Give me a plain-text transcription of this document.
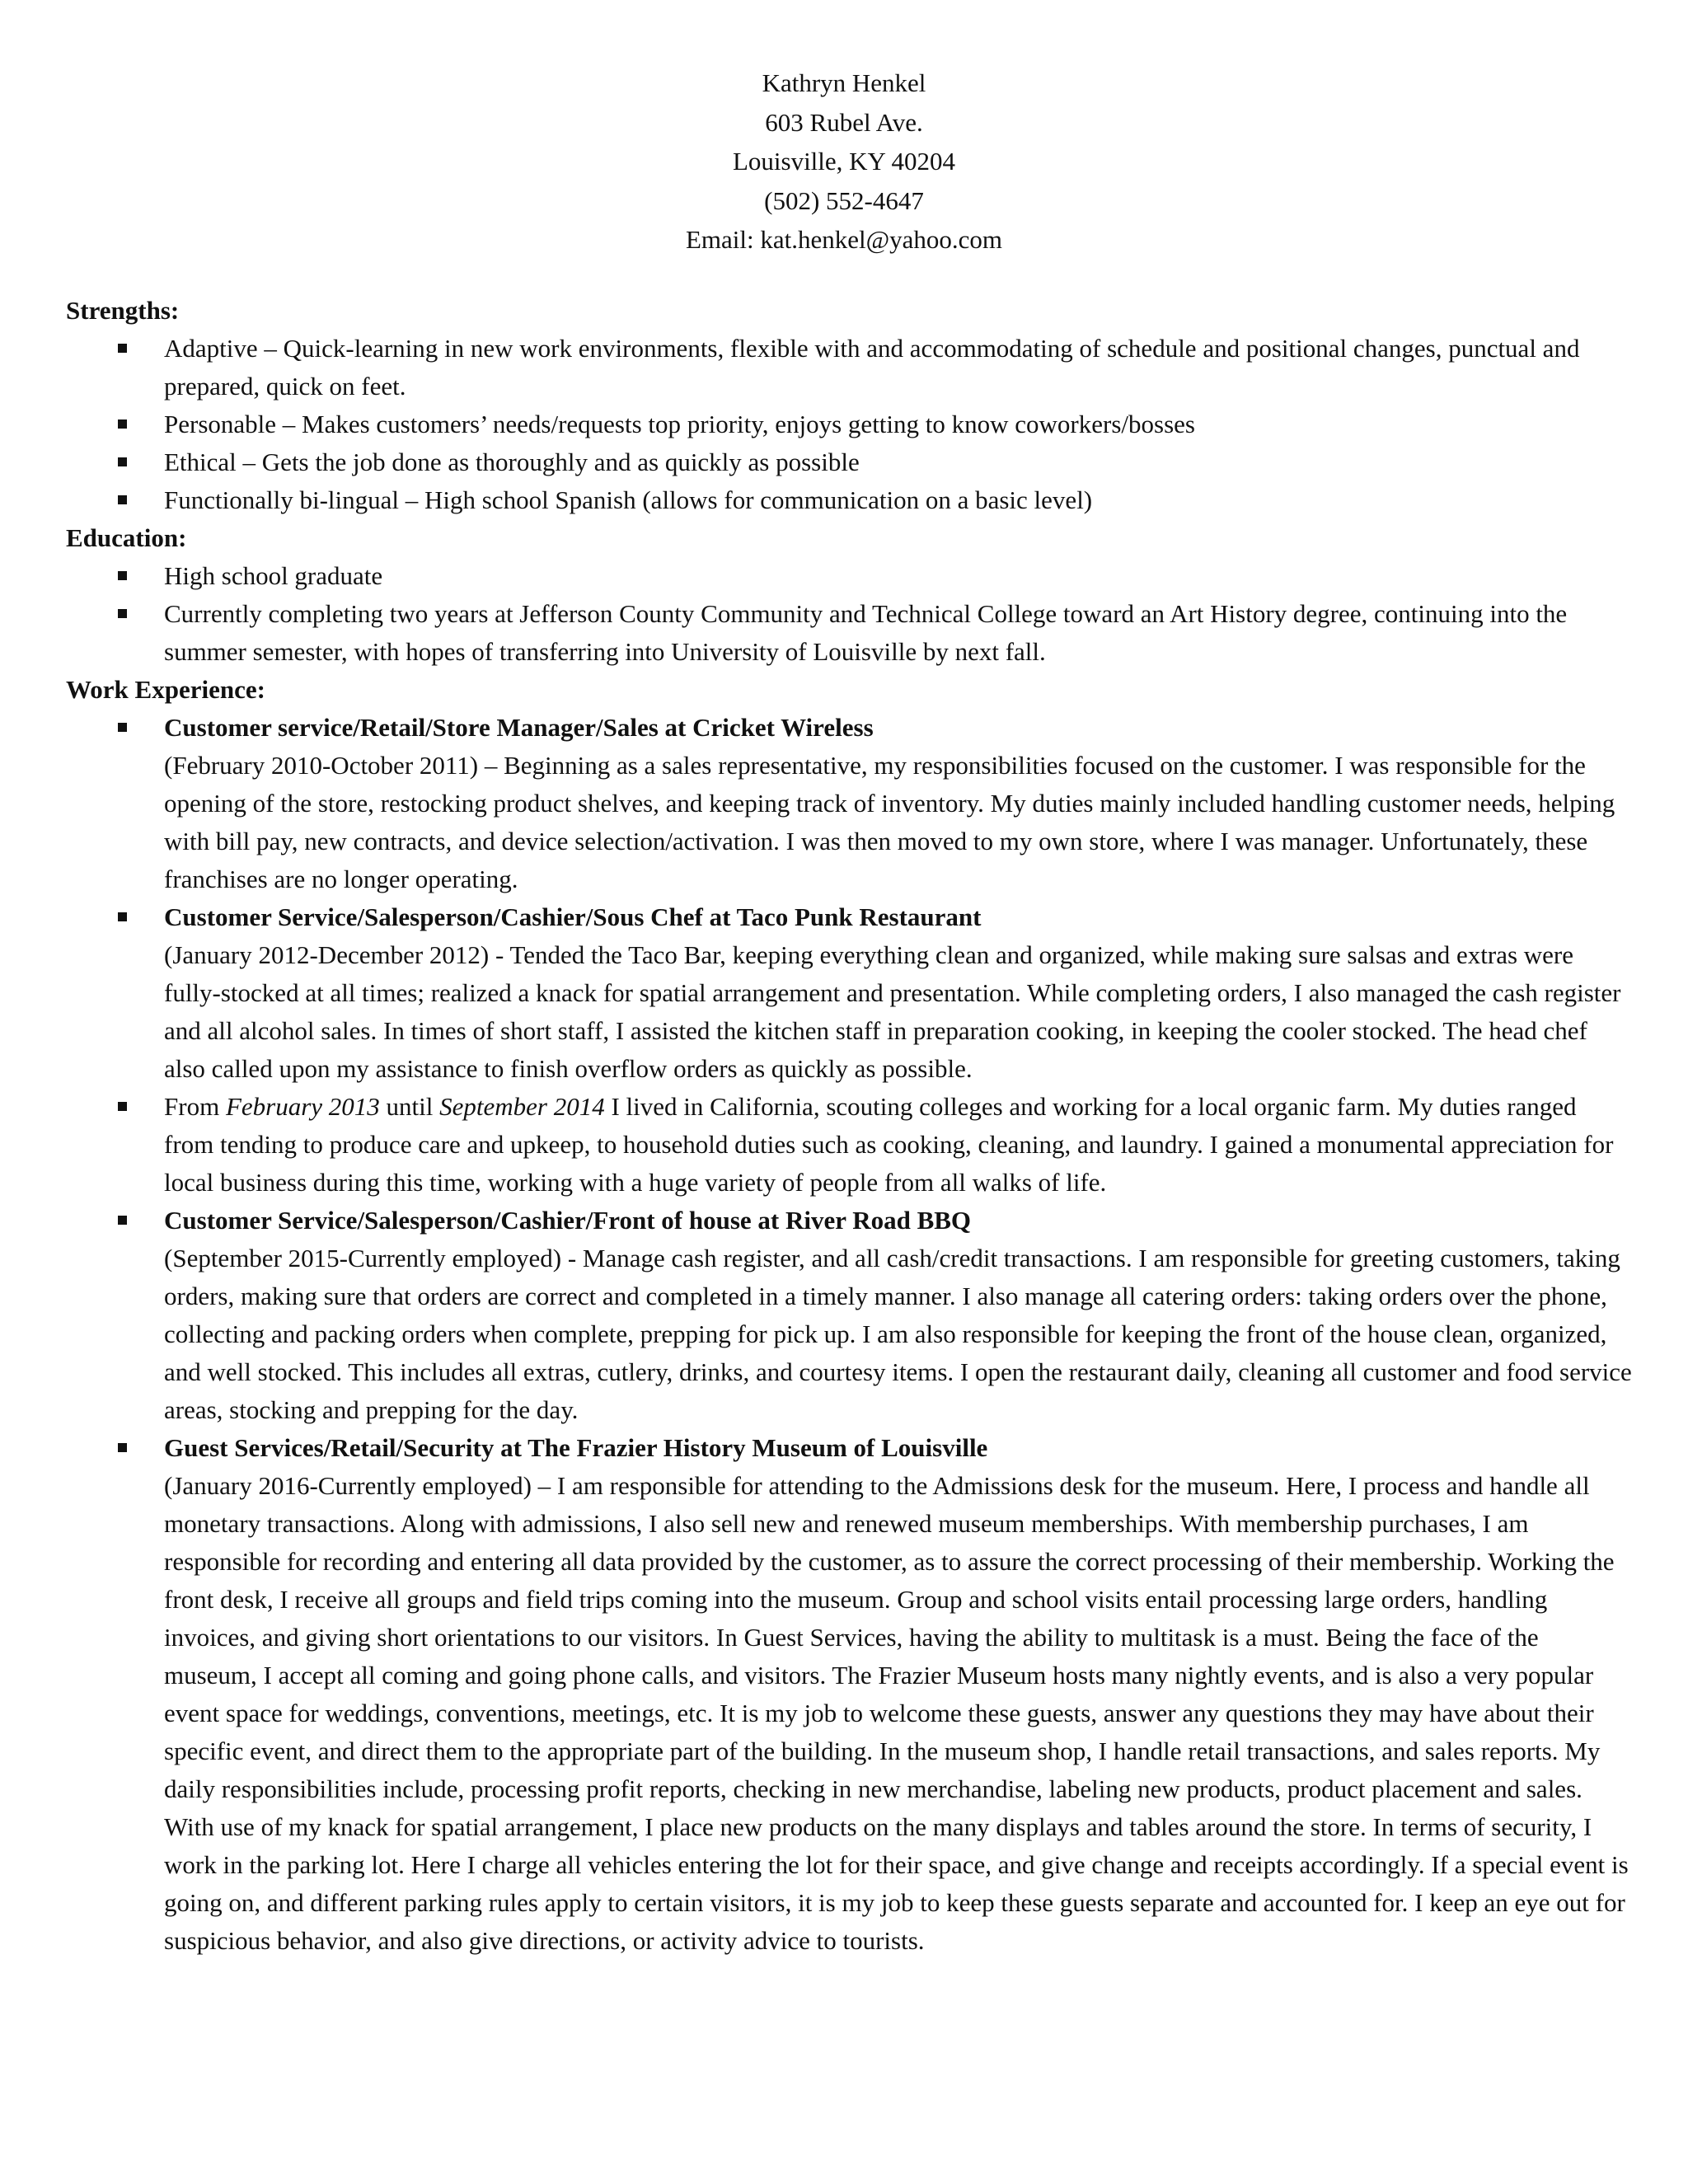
Kathryn Henkel
603 Rubel Ave.
Louisville, KY 40204
(502) 552-4647
Email: kat.henkel@yahoo.com
Strengths:
Adaptive – Quick-learning in new work environments, flexible with and accommodating of schedule and positional changes, punctual and prepared, quick on feet.
Personable – Makes customers’ needs/requests top priority, enjoys getting to know coworkers/bosses
Ethical – Gets the job done as thoroughly and as quickly as possible
Functionally bi-lingual – High school Spanish (allows for communication on a basic level)
Education:
High school graduate
Currently completing two years at Jefferson County Community and Technical College toward an Art History degree, continuing into the summer semester, with hopes of transferring into University of Louisville by next fall.
Work Experience:
Customer service/Retail/Store Manager/Sales at Cricket Wireless
(February 2010-October 2011) – Beginning as a sales representative, my responsibilities focused on the customer. I was responsible for the opening of the store, restocking product shelves, and keeping track of inventory. My duties mainly included handling customer needs, helping with bill pay, new contracts, and device selection/activation. I was then moved to my own store, where I was manager. Unfortunately, these franchises are no longer operating.
Customer Service/Salesperson/Cashier/Sous Chef at Taco Punk Restaurant
(January 2012-December 2012) - Tended the Taco Bar, keeping everything clean and organized, while making sure salsas and extras were fully-stocked at all times; realized a knack for spatial arrangement and presentation. While completing orders, I also managed the cash register and all alcohol sales. In times of short staff, I assisted the kitchen staff in preparation cooking, in keeping the cooler stocked. The head chef also called upon my assistance to finish overflow orders as quickly as possible.
From February 2013 until September 2014 I lived in California, scouting colleges and working for a local organic farm. My duties ranged from tending to produce care and upkeep, to household duties such as cooking, cleaning, and laundry. I gained a monumental appreciation for local business during this time, working with a huge variety of people from all walks of life.
Customer Service/Salesperson/Cashier/Front of house at River Road BBQ
(September 2015-Currently employed) - Manage cash register, and all cash/credit transactions. I am responsible for greeting customers, taking orders, making sure that orders are correct and completed in a timely manner. I also manage all catering orders: taking orders over the phone, collecting and packing orders when complete, prepping for pick up. I am also responsible for keeping the front of the house clean, organized, and well stocked. This includes all extras, cutlery, drinks, and courtesy items. I open the restaurant daily, cleaning all customer and food service areas, stocking and prepping for the day.
Guest Services/Retail/Security at The Frazier History Museum of Louisville
(January 2016-Currently employed) – I am responsible for attending to the Admissions desk for the museum. Here, I process and handle all monetary transactions. Along with admissions, I also sell new and renewed museum memberships. With membership purchases, I am responsible for recording and entering all data provided by the customer, as to assure the correct processing of their membership. Working the front desk, I receive all groups and field trips coming into the museum. Group and school visits entail processing large orders, handling invoices, and giving short orientations to our visitors. In Guest Services, having the ability to multitask is a must. Being the face of the museum, I accept all coming and going phone calls, and visitors. The Frazier Museum hosts many nightly events, and is also a very popular event space for weddings, conventions, meetings, etc. It is my job to welcome these guests, answer any questions they may have about their specific event, and direct them to the appropriate part of the building. In the museum shop, I handle retail transactions, and sales reports. My daily responsibilities include, processing profit reports, checking in new merchandise, labeling new products, product placement and sales. With use of my knack for spatial arrangement, I place new products on the many displays and tables around the store. In terms of security, I work in the parking lot. Here I charge all vehicles entering the lot for their space, and give change and receipts accordingly. If a special event is going on, and different parking rules apply to certain visitors, it is my job to keep these guests separate and accounted for. I keep an eye out for suspicious behavior, and also give directions, or activity advice to tourists.
